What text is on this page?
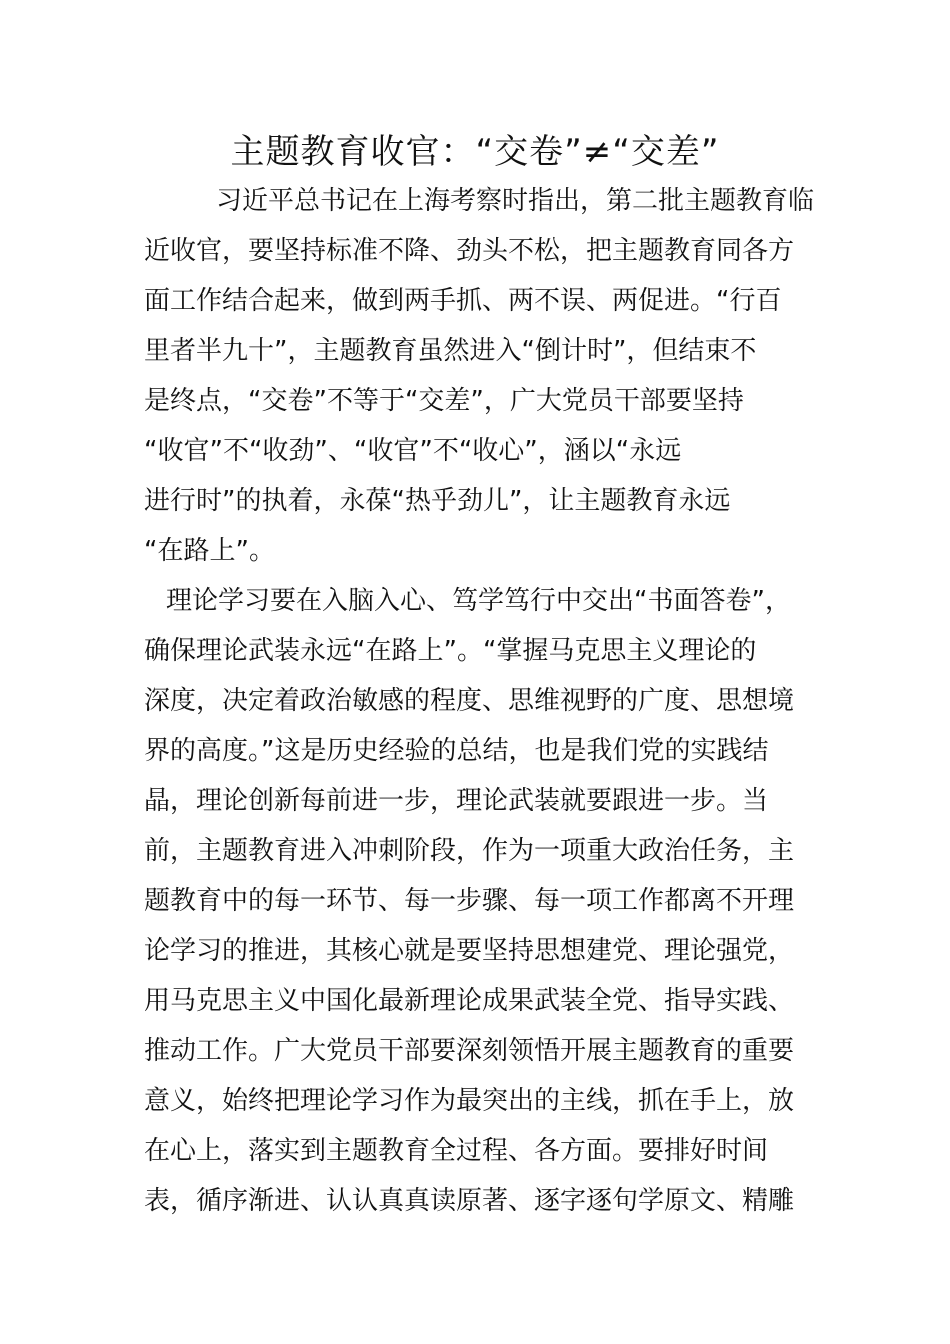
主题教育收官：“交卷”≠“交差”
习近平总书记在上海考察时指出，第二批主题教育临
近收官，要坚持标准不降、劲头不松，把主题教育同各方
面工作结合起来，做到两手抓、两不误、两促进。“行百
里者半九十”，主题教育虽然进入“倒计时”，但结束不
是终点，“交卷”不等于“交差”，广大党员干部要坚持
“收官”不“收劲”、“收官”不“收心”，涵以“永远
进行时”的执着，永葆“热乎劲儿”，让主题教育永远
“在路上”。
理论学习要在入脑入心、笃学笃行中交出“书面答卷”，
确保理论武装永远“在路上”。“掌握马克思主义理论的
深度，决定着政治敏感的程度、思维视野的广度、思想境
界的高度。”这是历史经验的总结，也是我们党的实践结
晶，理论创新每前进一步，理论武装就要跟进一步。当
前，主题教育进入冲刺阶段，作为一项重大政治任务，主
题教育中的每一环节、每一步骤、每一项工作都离不开理
论学习的推进，其核心就是要坚持思想建党、理论强党，
用马克思主义中国化最新理论成果武装全党、指导实践、
推动工作。广大党员干部要深刻领悟开展主题教育的重要
意义，始终把理论学习作为最突出的主线，抓在手上，放
在心上，落实到主题教育全过程、各方面。要排好时间
表，循序渐进、认认真真读原著、逐字逐句学原文、精雕
